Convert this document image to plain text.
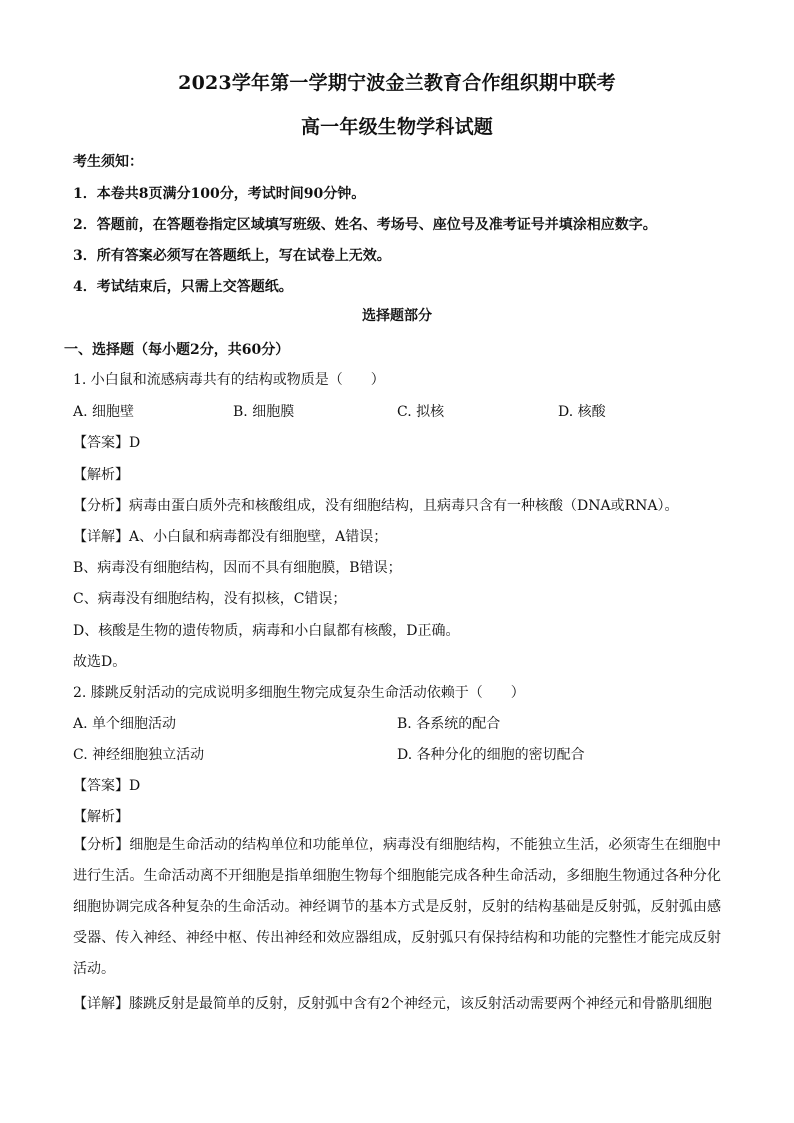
2023学年第一学期宁波金兰教育合作组织期中联考
高一年级生物学科试题
考生须知：
1．本卷共8页满分100分，考试时间90分钟。
2．答题前，在答题卷指定区域填写班级、姓名、考场号、座位号及准考证号并填涂相应数字。
3．所有答案必须写在答题纸上，写在试卷上无效。
4．考试结束后，只需上交答题纸。
选择题部分
一、选择题（每小题2分，共60分）
1. 小白鼠和流感病毒共有的结构或物质是（　　）
A. 细胞壁	B. 细胞膜	C. 拟核	D. 核酸
【答案】D
【解析】
【分析】病毒由蛋白质外壳和核酸组成，没有细胞结构，且病毒只含有一种核酸（DNA或RNA）。
【详解】A、小白鼠和病毒都没有细胞壁，A错误；
B、病毒没有细胞结构，因而不具有细胞膜，B错误；
C、病毒没有细胞结构，没有拟核，C错误；
D、核酸是生物的遗传物质，病毒和小白鼠都有核酸，D正确。
故选D。
2. 膝跳反射活动的完成说明多细胞生物完成复杂生命活动依赖于（　　）
A. 单个细胞活动	B. 各系统的配合
C. 神经细胞独立活动	D. 各种分化的细胞的密切配合
【答案】D
【解析】
【分析】细胞是生命活动的结构单位和功能单位，病毒没有细胞结构，不能独立生活，必须寄生在细胞中进行生活。生命活动离不开细胞是指单细胞生物每个细胞能完成各种生命活动，多细胞生物通过各种分化细胞协调完成各种复杂的生命活动。神经调节的基本方式是反射，反射的结构基础是反射弧，反射弧由感受器、传入神经、神经中枢、传出神经和效应器组成，反射弧只有保持结构和功能的完整性才能完成反射活动。
【详解】膝跳反射是最简单的反射，反射弧中含有2个神经元，该反射活动需要两个神经元和骨骼肌细胞
